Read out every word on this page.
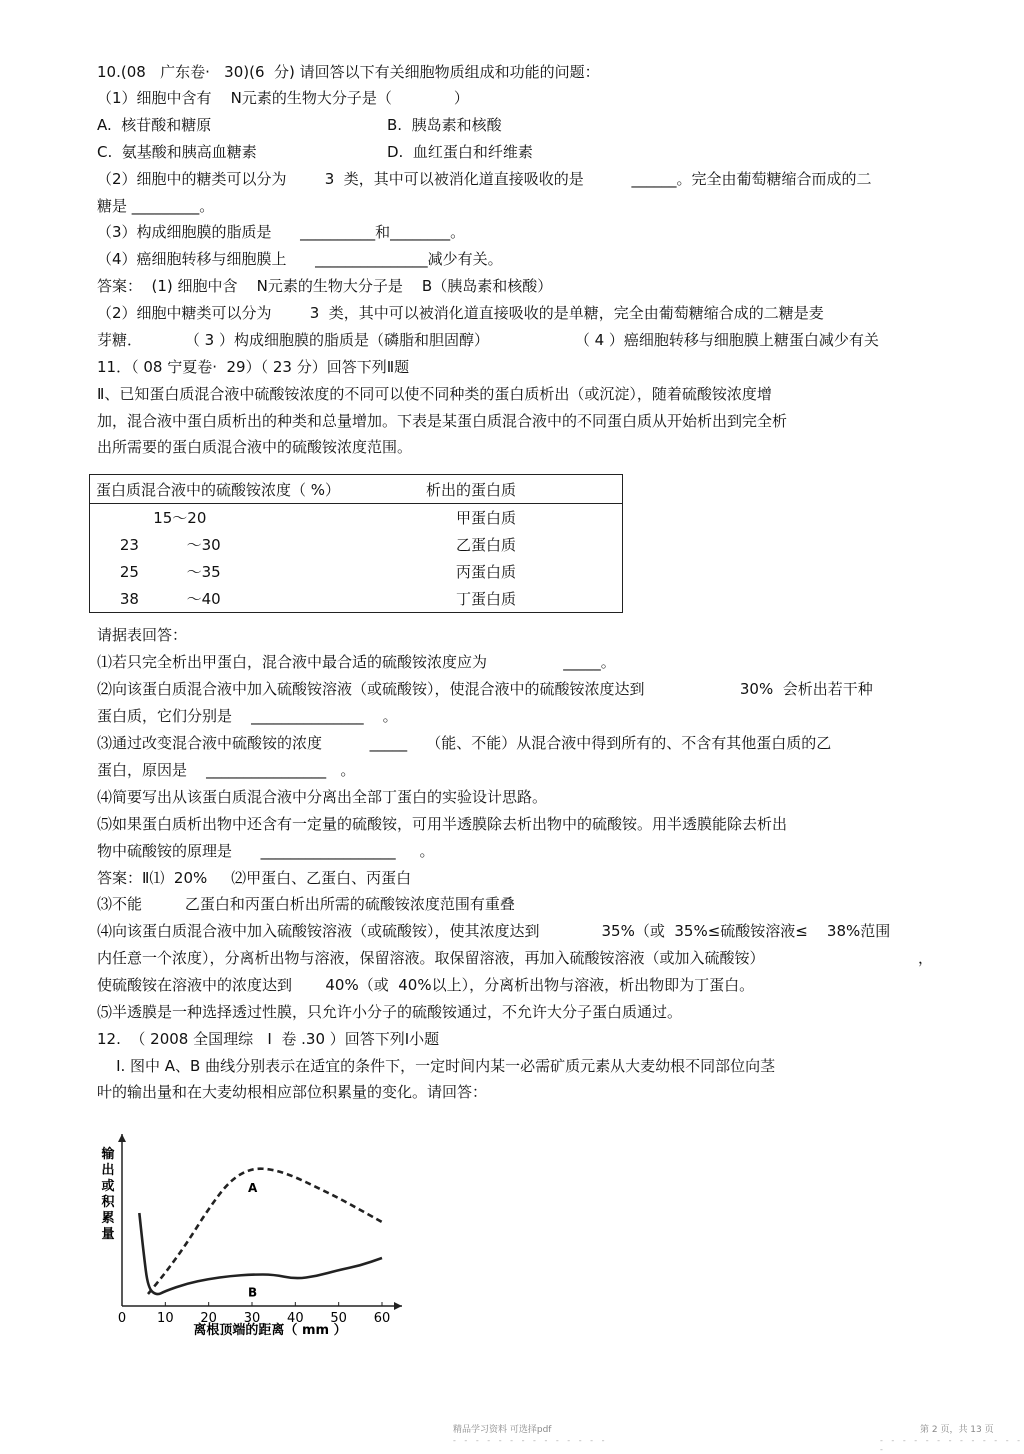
10.(08   广东卷·   30)(6  分) 请回答以下有关细胞物质组成和功能的问题：
（1）细胞中含有    N元素的生物大分子是（             ）
A.  核苷酸和糖原	B.  胰岛素和核酸
C.  氨基酸和胰高血糖素	D.  血红蛋白和纤维素
（2）细胞中的糖类可以分为        3  类，其中可以被消化道直接吸收的是          ______。完全由葡萄糖缩合而成的二
糖是 _________。
（3）构成细胞膜的脂质是      __________和________。
（4）癌细胞转移与细胞膜上      _______________减少有关。
答案：  (1) 细胞中含    N元素的生物大分子是    B（胰岛素和核酸）
（2）细胞中糖类可以分为        3  类，其中可以被消化道直接吸收的是单糖，完全由葡萄糖缩合成的二糖是麦
芽糖．         （ 3 ）构成细胞膜的脂质是（磷脂和胆固醇）                  （ 4 ）癌细胞转移与细胞膜上糖蛋白减少有关
11．（ 08 宁夏卷·  29）（ 23 分）回答下列Ⅱ题
Ⅱ、已知蛋白质混合液中硫酸铵浓度的不同可以使不同种类的蛋白质析出（或沉淀），随着硫酸铵浓度增
加，混合液中蛋白质析出的种类和总量增加。下表是某蛋白质混合液中的不同蛋白质从开始析出到完全析
出所需要的蛋白质混合液中的硫酸铵浓度范围。
蛋白质混合液中的硫酸铵浓度（ %）	析出的蛋白质
15～20	甲蛋白质
23          ～30	乙蛋白质
25          ～35	丙蛋白质
38          ～40	丁蛋白质
请据表回答：
⑴若只完全析出甲蛋白，混合液中最合适的硫酸铵浓度应为                _____。
⑵向该蛋白质混合液中加入硫酸铵溶液（或硫酸铵），使混合液中的硫酸铵浓度达到                    30%  会析出若干种
蛋白质，它们分别是    _______________    。
⑶通过改变混合液中硫酸铵的浓度          _____    （能、不能）从混合液中得到所有的、不含有其他蛋白质的乙
蛋白，原因是    ________________   。
⑷简要写出从该蛋白质混合液中分离出全部丁蛋白的实验设计思路。
⑸如果蛋白质析出物中还含有一定量的硫酸铵，可用半透膜除去析出物中的硫酸铵。用半透膜能除去析出
物中硫酸铵的原理是      __________________     。
答案：Ⅱ⑴  20%     ⑵甲蛋白、乙蛋白、丙蛋白
⑶不能         乙蛋白和丙蛋白析出所需的硫酸铵浓度范围有重叠
⑷向该蛋白质混合液中加入硫酸铵溶液（或硫酸铵），使其浓度达到             35%（或  35%≤硫酸铵溶液≤    38%范围
内任意一个浓度），分离析出物与溶液，保留溶液。取保留溶液，再加入硫酸铵溶液（或加入硫酸铵）	，
使硫酸铵在溶液中的浓度达到       40%（或  40%以上），分离析出物与溶液，析出物即为丁蛋白。
⑸半透膜是一种选择透过性膜，只允许小分子的硫酸铵通过，不允许大分子蛋白质通过。
12.  （ 2008 全国理综   Ⅰ  卷 .30 ）回答下列Ⅰ小题
Ⅰ. 图中 A、B 曲线分别表示在适宜的条件下，一定时间内某一必需矿质元素从大麦幼根不同部位向茎
叶的输出量和在大麦幼根相应部位积累量的变化。请回答：
输
出
或
积
累
量
0 10 20 30 40 50 60
A
B
离根顶端的距离（ mm ）
精品学习资料 可选择pdf	第 2 页，共 13 页
- - - - - - - - - - - - - -	- - - - - - - - - - - - - -
